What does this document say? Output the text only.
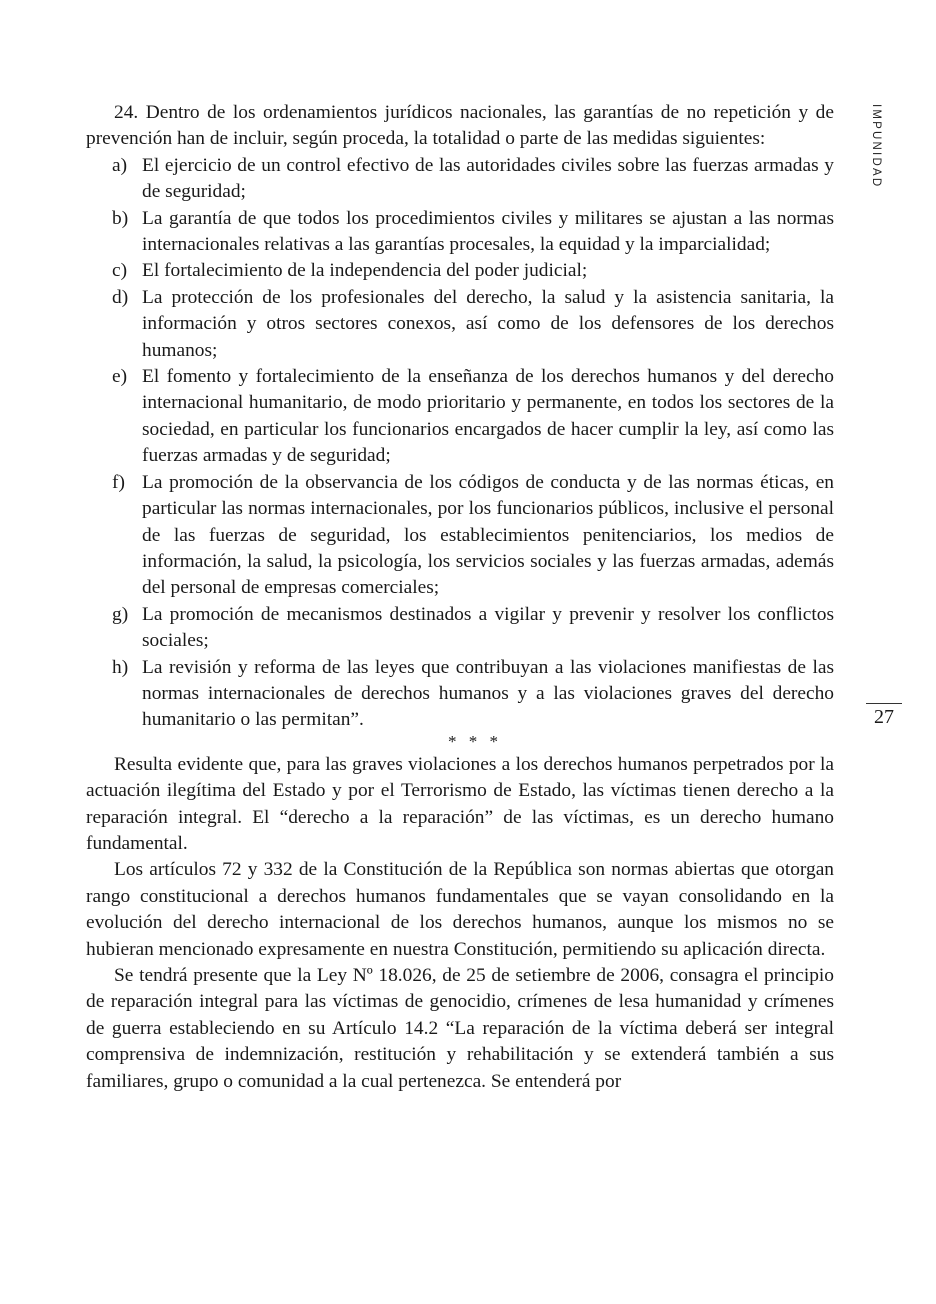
IMPUNIDAD
27

24. Dentro de los ordenamientos jurídicos nacionales, las garantías de no repetición y de prevención han de incluir, según proceda, la totalidad o parte de las medidas siguientes:

a) El ejercicio de un control efectivo de las autoridades civiles sobre las fuerzas armadas y de seguridad;
b) La garantía de que todos los procedimientos civiles y militares se ajustan a las normas internacionales relativas a las garantías procesales, la equidad y la imparcialidad;
c) El fortalecimiento de la independencia del poder judicial;
d) La protección de los profesionales del derecho, la salud y la asistencia sanitaria, la información y otros sectores conexos, así como de los defensores de los derechos humanos;
e) El fomento y fortalecimiento de la enseñanza de los derechos humanos y del derecho internacional humanitario, de modo prioritario y permanente, en todos los sectores de la sociedad, en particular los funcionarios encargados de hacer cumplir la ley, así como las fuerzas armadas y de seguridad;
f) La promoción de la observancia de los códigos de conducta y de las normas éticas, en particular las normas internacionales, por los funcionarios públicos, inclusive el personal de las fuerzas de seguridad, los establecimientos penitenciarios, los medios de información, la salud, la psicología, los servicios sociales y las fuerzas armadas, además del personal de empresas comerciales;
g) La promoción de mecanismos destinados a vigilar y prevenir y resolver los conflictos sociales;
h) La revisión y reforma de las leyes que contribuyan a las violaciones manifiestas de las normas internacionales de derechos humanos y a las violaciones graves del derecho humanitario o las permitan”.
* * *

Resulta evidente que, para las graves violaciones a los derechos humanos perpetrados por la actuación ilegítima del Estado y por el Terrorismo de Estado, las víctimas tienen derecho a la reparación integral. El “derecho a la reparación” de las víctimas, es un derecho humano fundamental.

Los artículos 72 y 332 de la Constitución de la República son normas abiertas que otorgan rango constitucional a derechos humanos fundamentales que se vayan consolidando en la evolución del derecho internacional de los derechos humanos, aunque los mismos no se hubieran mencionado expresamente en nuestra Constitución, permitiendo su aplicación directa.

Se tendrá presente que la Ley Nº 18.026, de 25 de setiembre de 2006, consagra el principio de reparación integral para las víctimas de genocidio, crímenes de lesa humanidad y crímenes de guerra estableciendo en su Artículo 14.2 “La reparación de la víctima deberá ser integral comprensiva de indemnización, restitución y rehabilitación y se extenderá también a sus familiares, grupo o comunidad a la cual pertenezca. Se entenderá por
